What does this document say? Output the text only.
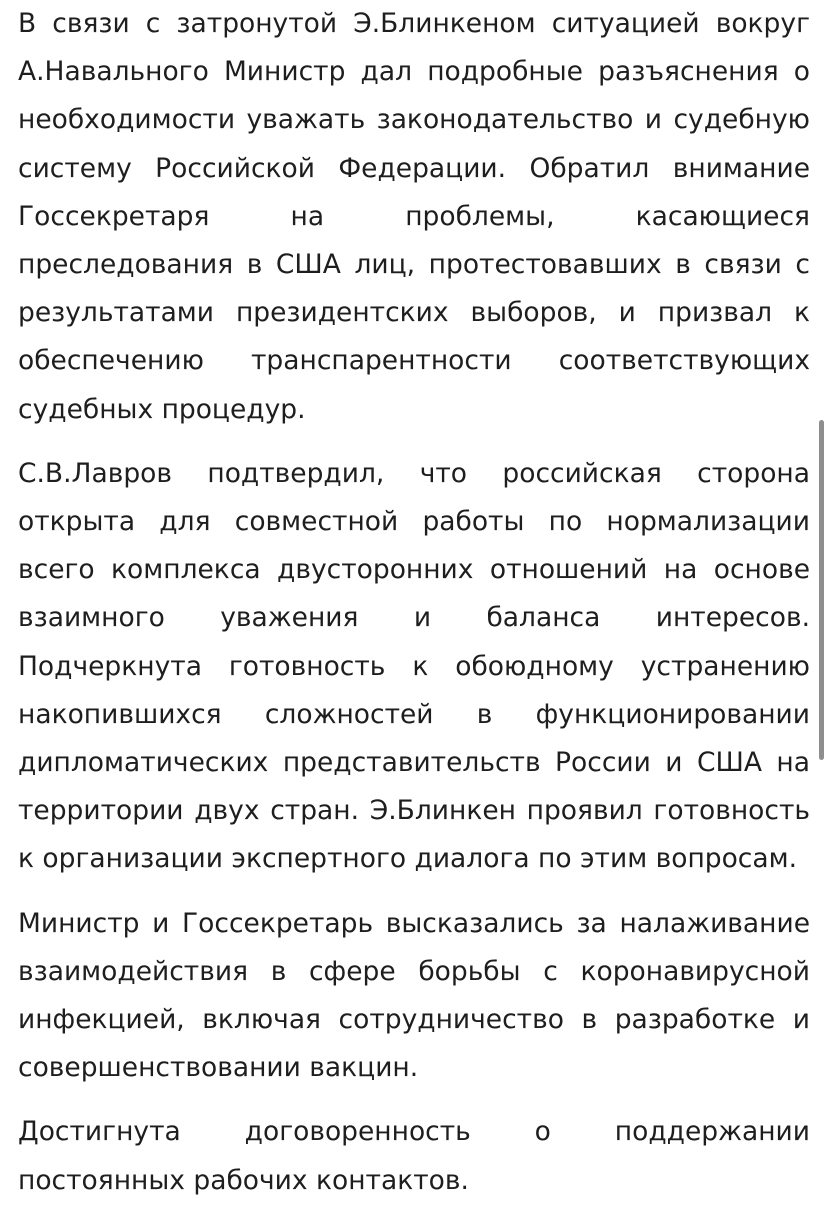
В связи с затронутой Э.Блинкеном ситуацией вокруг А.Навального Министр дал подробные разъяснения о необходимости уважать законодательство и судебную систему Российской Федерации. Обратил внимание Госсекретаря на проблемы, касающиеся преследования в США лиц, протестовавших в связи с результатами президентских выборов, и призвал к обеспечению транспарентности соответствующих судебных процедур.

С.В.Лавров подтвердил, что российская сторона открыта для совместной работы по нормализации всего комплекса двусторонних отношений на основе взаимного уважения и баланса интересов. Подчеркнута готовность к обоюдному устранению накопившихся сложностей в функционировании дипломатических представительств России и США на территории двух стран. Э.Блинкен проявил готовность к организации экспертного диалога по этим вопросам.

Министр и Госсекретарь высказались за налаживание взаимодействия в сфере борьбы с коронавирусной инфекцией, включая сотрудничество в разработке и совершенствовании вакцин.

Достигнута договоренность о поддержании постоянных рабочих контактов.
